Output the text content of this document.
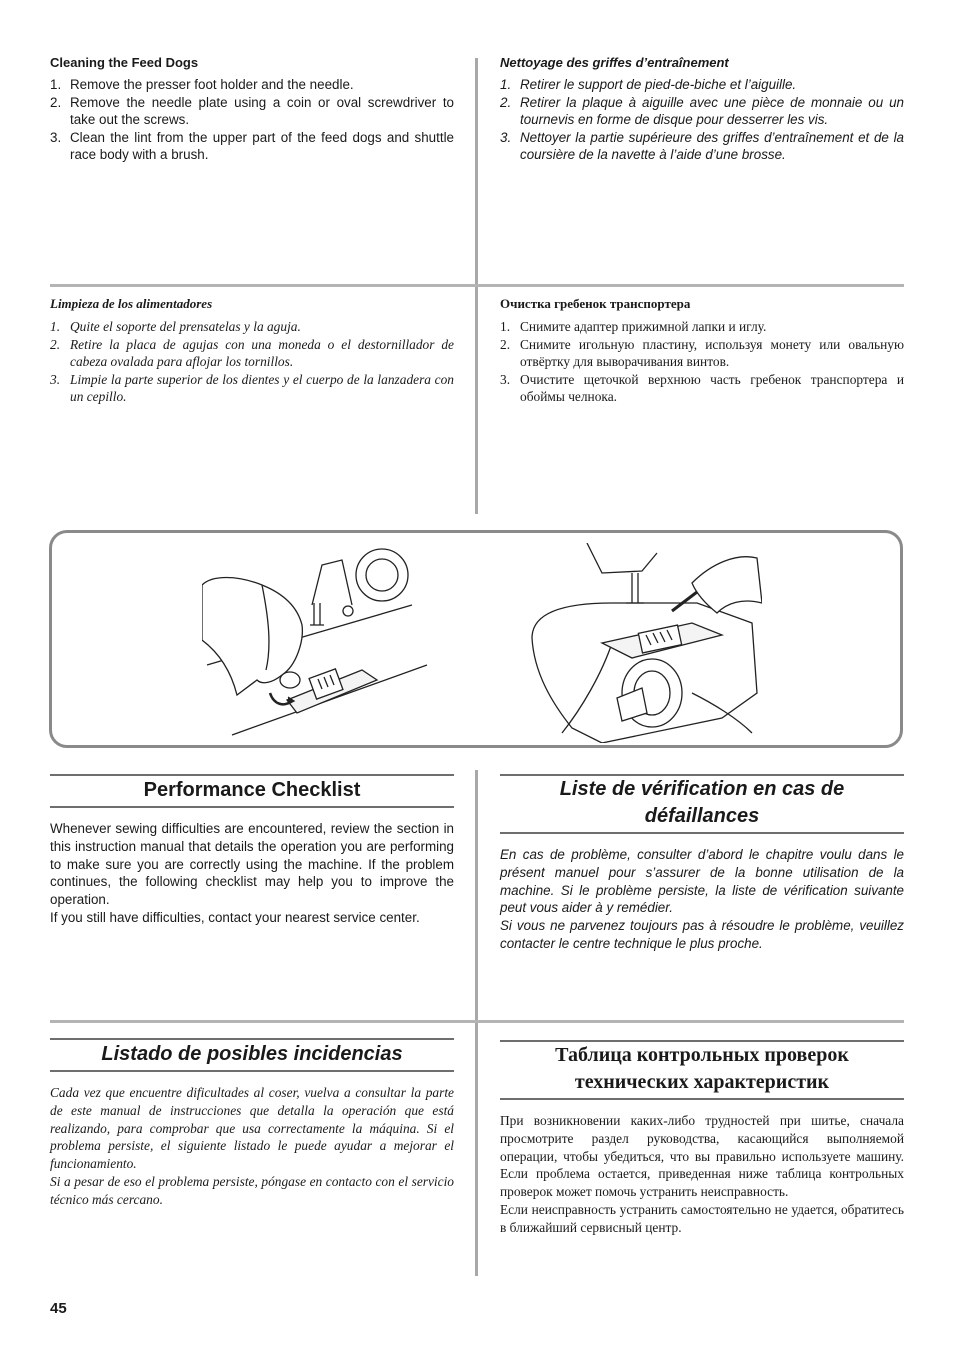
Cleaning the Feed Dogs
1. Remove the presser foot holder and the needle.
2. Remove the needle plate using a coin or oval screwdriver to take out the screws.
3. Clean the lint from the upper part of the feed dogs and shuttle race body with a brush.
Nettoyage des griffes d’entraînement
1. Retirer le support de pied-de-biche et l’aiguille.
2. Retirer la plaque à aiguille avec une pièce de monnaie ou un tournevis en forme de disque pour desserrer les vis.
3. Nettoyer la partie supérieure des griffes d’entraînement et de la coursière de la navette à l’aide d’une brosse.
Limpieza de los alimentadores
1. Quite el soporte del prensatelas y la aguja.
2. Retire la placa de agujas con una moneda o el destornillador de cabeza ovalada para aflojar los tornillos.
3. Limpie la parte superior de los dientes y el cuerpo de la lanzadera con un cepillo.
Очистка гребенок транспортера
1. Снимите адаптер прижимной лапки и иглу.
2. Снимите игольную пластину, используя монету или овальную отвёртку для выворачивания винтов.
3. Очистите щеточкой верхнюю часть гребенок транспортера и обоймы челнока.
Performance Checklist

Whenever sewing difficulties are encountered, review the section in this instruction manual that details the operation you are performing to make sure you are correctly using the machine. If the problem continues, the following checklist may help you to improve the operation.

If you still have difficulties, contact your nearest service center.

Liste de vérification en cas de
défaillances

En cas de problème, consulter d’abord le chapitre voulu dans le présent manuel pour s’assurer de la bonne utilisation de la machine. Si le problème persiste, la liste de vérification suivante peut vous aider à y remédier.

Si vous ne parvenez toujours pas à résoudre le problème, veuillez contacter le centre technique le plus proche.

Listado de posibles incidencias

Cada vez que encuentre dificultades al coser, vuelva a consultar la parte de este manual de instrucciones que detalla la operación que está realizando, para comprobar que usa correctamente la máquina. Si el problema persiste, el siguiente listado le puede ayudar a mejorar el funcionamiento.

Si a pesar de eso el problema persiste, póngase en contacto con el servicio técnico más cercano.

Таблица контрольных проверок
технических характеристик

При возникновении каких-либо трудностей при шитье, сначала просмотрите раздел руководства, касающийся выполняемой операции, чтобы убедиться, что вы правильно используете машину. Если проблема остается, приведенная ниже таблица контрольных проверок может помочь устранить неисправность.

Если неисправность устранить самостоятельно не удается, обратитесь в ближайший сервисный центр.

45
